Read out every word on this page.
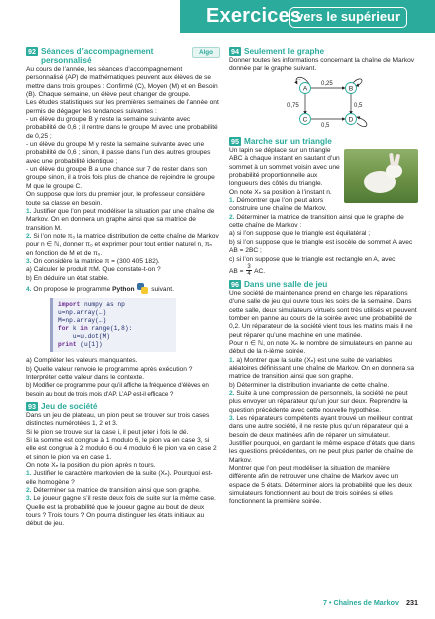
Exercices
vers le supérieur
92 Séances d’accompagnement personnalisé
Algo

Au cours de l’année, les séances d’accompagnement personnalisé (AP) de mathématiques peuvent aux élèves de se mettre dans trois groupes : Confirmé (C), Moyen (M) et en Besoin (B). Chaque semaine, un élève peut changer de groupe.

Les études statistiques sur les premières semaines de l’année ont permis de dégager les tendances suivantes :

- un élève du groupe B y reste la semaine suivante avec probabilité de 0,6 ; il rentre dans le groupe M avec une probabilité de 0,25 ;

- un élève du groupe M y reste la semaine suivante avec une probabilité de 0,6 ; sinon, il passe dans l’un des autres groupes avec une probabilité identique ;

- un élève du groupe B a une chance sur 7 de rester dans son groupe sinon, il a trois fois plus de chance de rejoindre le groupe M que le groupe C.

On suppose que lors du premier jour, le professeur considère toute sa classe en besoin.

1. Justifier que l’on peut modéliser la situation par une chaîne de Markov. On en donnera un graphe ainsi que sa matrice de transition M.

2. Si l’on note π₀ la matrice distribution de cette chaîne de Markov pour n ∈ ℕ, donner π₀ et exprimer pour tout entier naturel n, πₙ en fonction de M et de π₀.

3. On considère la matrice π = (300 405 182).

a) Calculer le produit πM. Que constate-t-on ?

b) En déduire un état stable.

4. On propose le programme Python	suivant.

import numpy as np
u=np.array(…)
M=np.array(…)
for k in range(1,8):
u=u.dot(M)
print (u[1])

a) Compléter les valeurs manquantes.

b) Quelle valeur renvoie le programme après exécution ? Interpréter cette valeur dans le contexte.

b) Modifier ce programme pour qu’il affiche la fréquence d’élèves en besoin au bout de trois mois d’AP. L’AP est-il efficace ?

93 Jeu de société

Dans un jeu de plateau, un pion peut se trouver sur trois cases distinctes numérotées 1, 2 et 3.

Si le pion se trouve sur la case i, il peut jeter i fois le dé.

Si la somme est congrue à 1 modulo 6, le pion va en case 3, si elle est congrue à 2 modulo 6 ou 4 modulo 6 le pion va en case 2 et sinon le pion va en case 1.

On note Xₙ la position du pion après n tours.

1. Justifier le caractère markovien de la suite (Xₙ). Pourquoi est-elle homogène ?

2. Déterminer sa matrice de transition ainsi que son graphe.

3. Le joueur gagne s’il reste deux fois de suite sur la même case. Quelle est la probabilité que le joueur gagne au bout de deux tours ? Trois tours ? On pourra distinguer les états initiaux au début de jeu.

94 Seulement le graphe

Donner toutes les informations concernant la chaîne de Markov donnée par le graphe suivant.

…
0,25
0,75	0,5
0,5
A	B
C	D
95 Marche sur un triangle

Un lapin se déplace sur un triangle ABC à chaque instant en sautant d’un sommet à un sommet voisin avec une probabilité proportionnelle aux longueurs des côtés du triangle.

On note Xₙ sa position à l’instant n.

1. Démontrer que l’on peut alors construire une chaîne de Markov.

2. Déterminer la matrice de transition ainsi que le graphe de cette chaîne de Markov :

a) si l’on suppose que le triangle est équilatéral ;

b) si l’on suppose que le triangle est isocèle de sommet A avec AB = 2BC ;

c) si l’on suppose que le triangle est rectangle en A, avec

AB = $\frac{3}{4}$ AC.

96 Dans une salle de jeu

Une société de maintenance prend en charge les réparations d’une salle de jeu qui ouvre tous les soirs de la semaine. Dans cette salle, deux simulateurs virtuels sont très utilisés et peuvent tomber en panne au cours de la soirée avec une probabilité de 0,2. Un réparateur de la société vient tous les matins mais il ne peut réparer qu’une machine en une matinée.

Pour n ∈ ℕ, on note Xₙ le nombre de simulateurs en panne au début de la n-ième soirée.

1. a) Montrer que la suite (Xₙ) est une suite de variables aléatoires définissant une chaîne de Markov. On en donnera sa matrice de transition ainsi que son graphe.

b) Déterminer la distribution invariante de cette chaîne.

2. Suite à une compression de personnels, la société ne peut plus envoyer un réparateur qu’un jour sur deux. Reprendre la question précédente avec cette nouvelle hypothèse.

3. Les réparateurs compétents ayant trouvé un meilleur contrat dans une autre société, il ne reste plus qu’un réparateur qui a besoin de deux matinées afin de réparer un simulateur.

Justifier pourquoi, en gardant le même espace d’états que dans les questions précédentes, on ne peut plus parler de chaîne de Markov.

Montrer que l’on peut modéliser la situation de manière différente afin de retrouver une chaîne de Markov avec un espace de 5 états. Déterminer alors la probabilité que les deux simulateurs fonctionnent au bout de trois soirées si elles fonctionnent la première soirée.

7 • Chaînes de Markov 231
